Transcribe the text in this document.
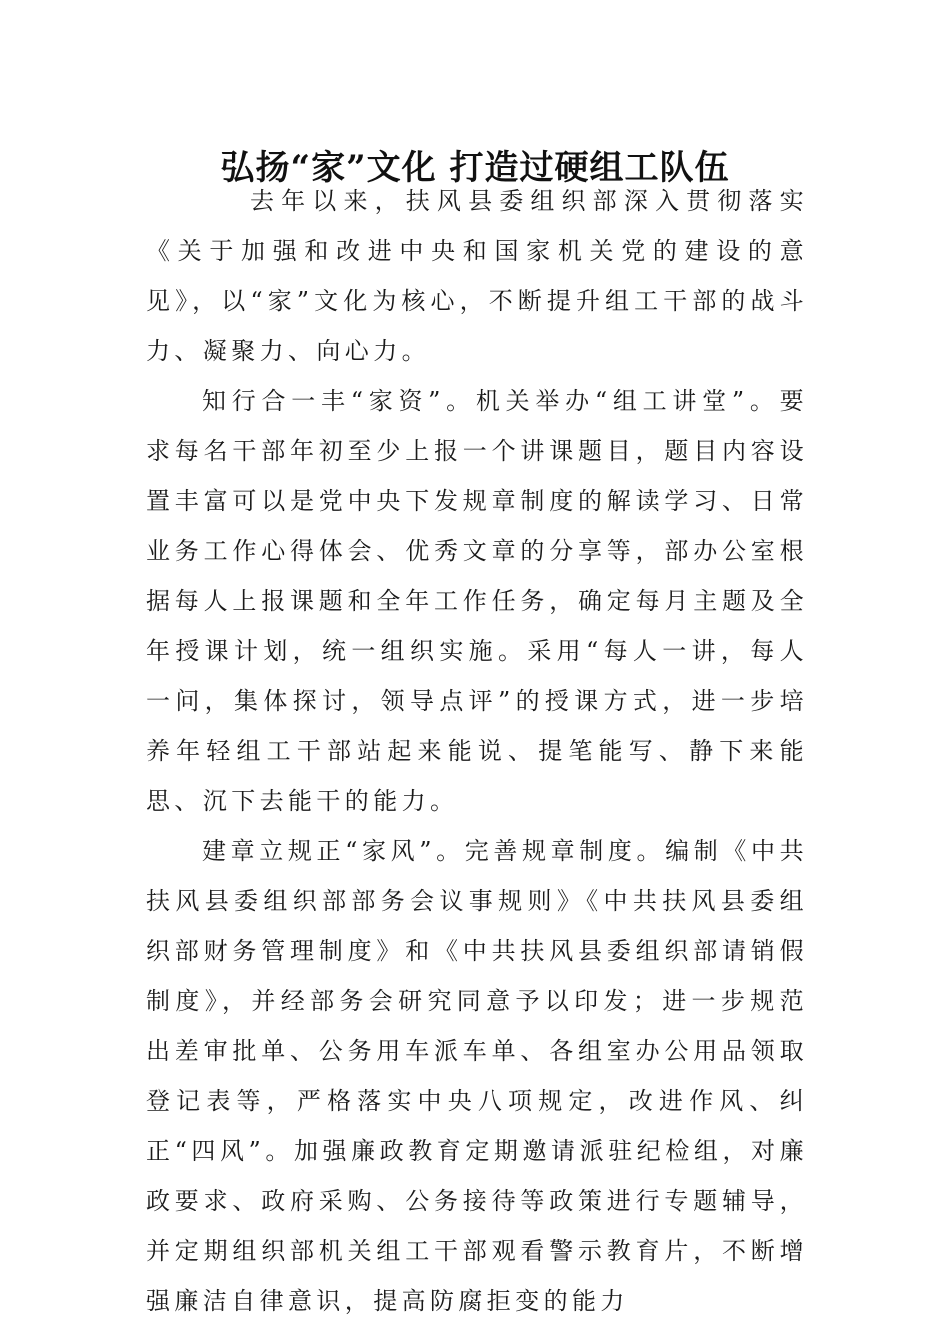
弘扬“家”文化 打造过硬组工队伍

去年以来，扶风县委组织部深入贯彻落实《关于加强和改进中央和国家机关党的建设的意见》，以“家”文化为核心，不断提升组工干部的战斗力、凝聚力、向心力。

知行合一丰“家资”。机关举办“组工讲堂”。要求每名干部年初至少上报一个讲课题目，题目内容设置丰富可以是党中央下发规章制度的解读学习、日常业务工作心得体会、优秀文章的分享等，部办公室根据每人上报课题和全年工作任务，确定每月主题及全年授课计划，统一组织实施。采用“每人一讲，每人一问，集体探讨，领导点评”的授课方式，进一步培养年轻组工干部站起来能说、提笔能写、静下来能思、沉下去能干的能力。

建章立规正“家风”。完善规章制度。编制《中共扶风县委组织部部务会议事规则》《中共扶风县委组织部财务管理制度》和《中共扶风县委组织部请销假制度》，并经部务会研究同意予以印发；进一步规范出差审批单、公务用车派车单、各组室办公用品领取登记表等，严格落实中央八项规定，改进作风、纠正“四风”。加强廉政教育定期邀请派驻纪检组，对廉政要求、政府采购、公务接待等政策进行专题辅导，并定期组织部机关组工干部观看警示教育片，不断增强廉洁自律意识，提高防腐拒变的能力
